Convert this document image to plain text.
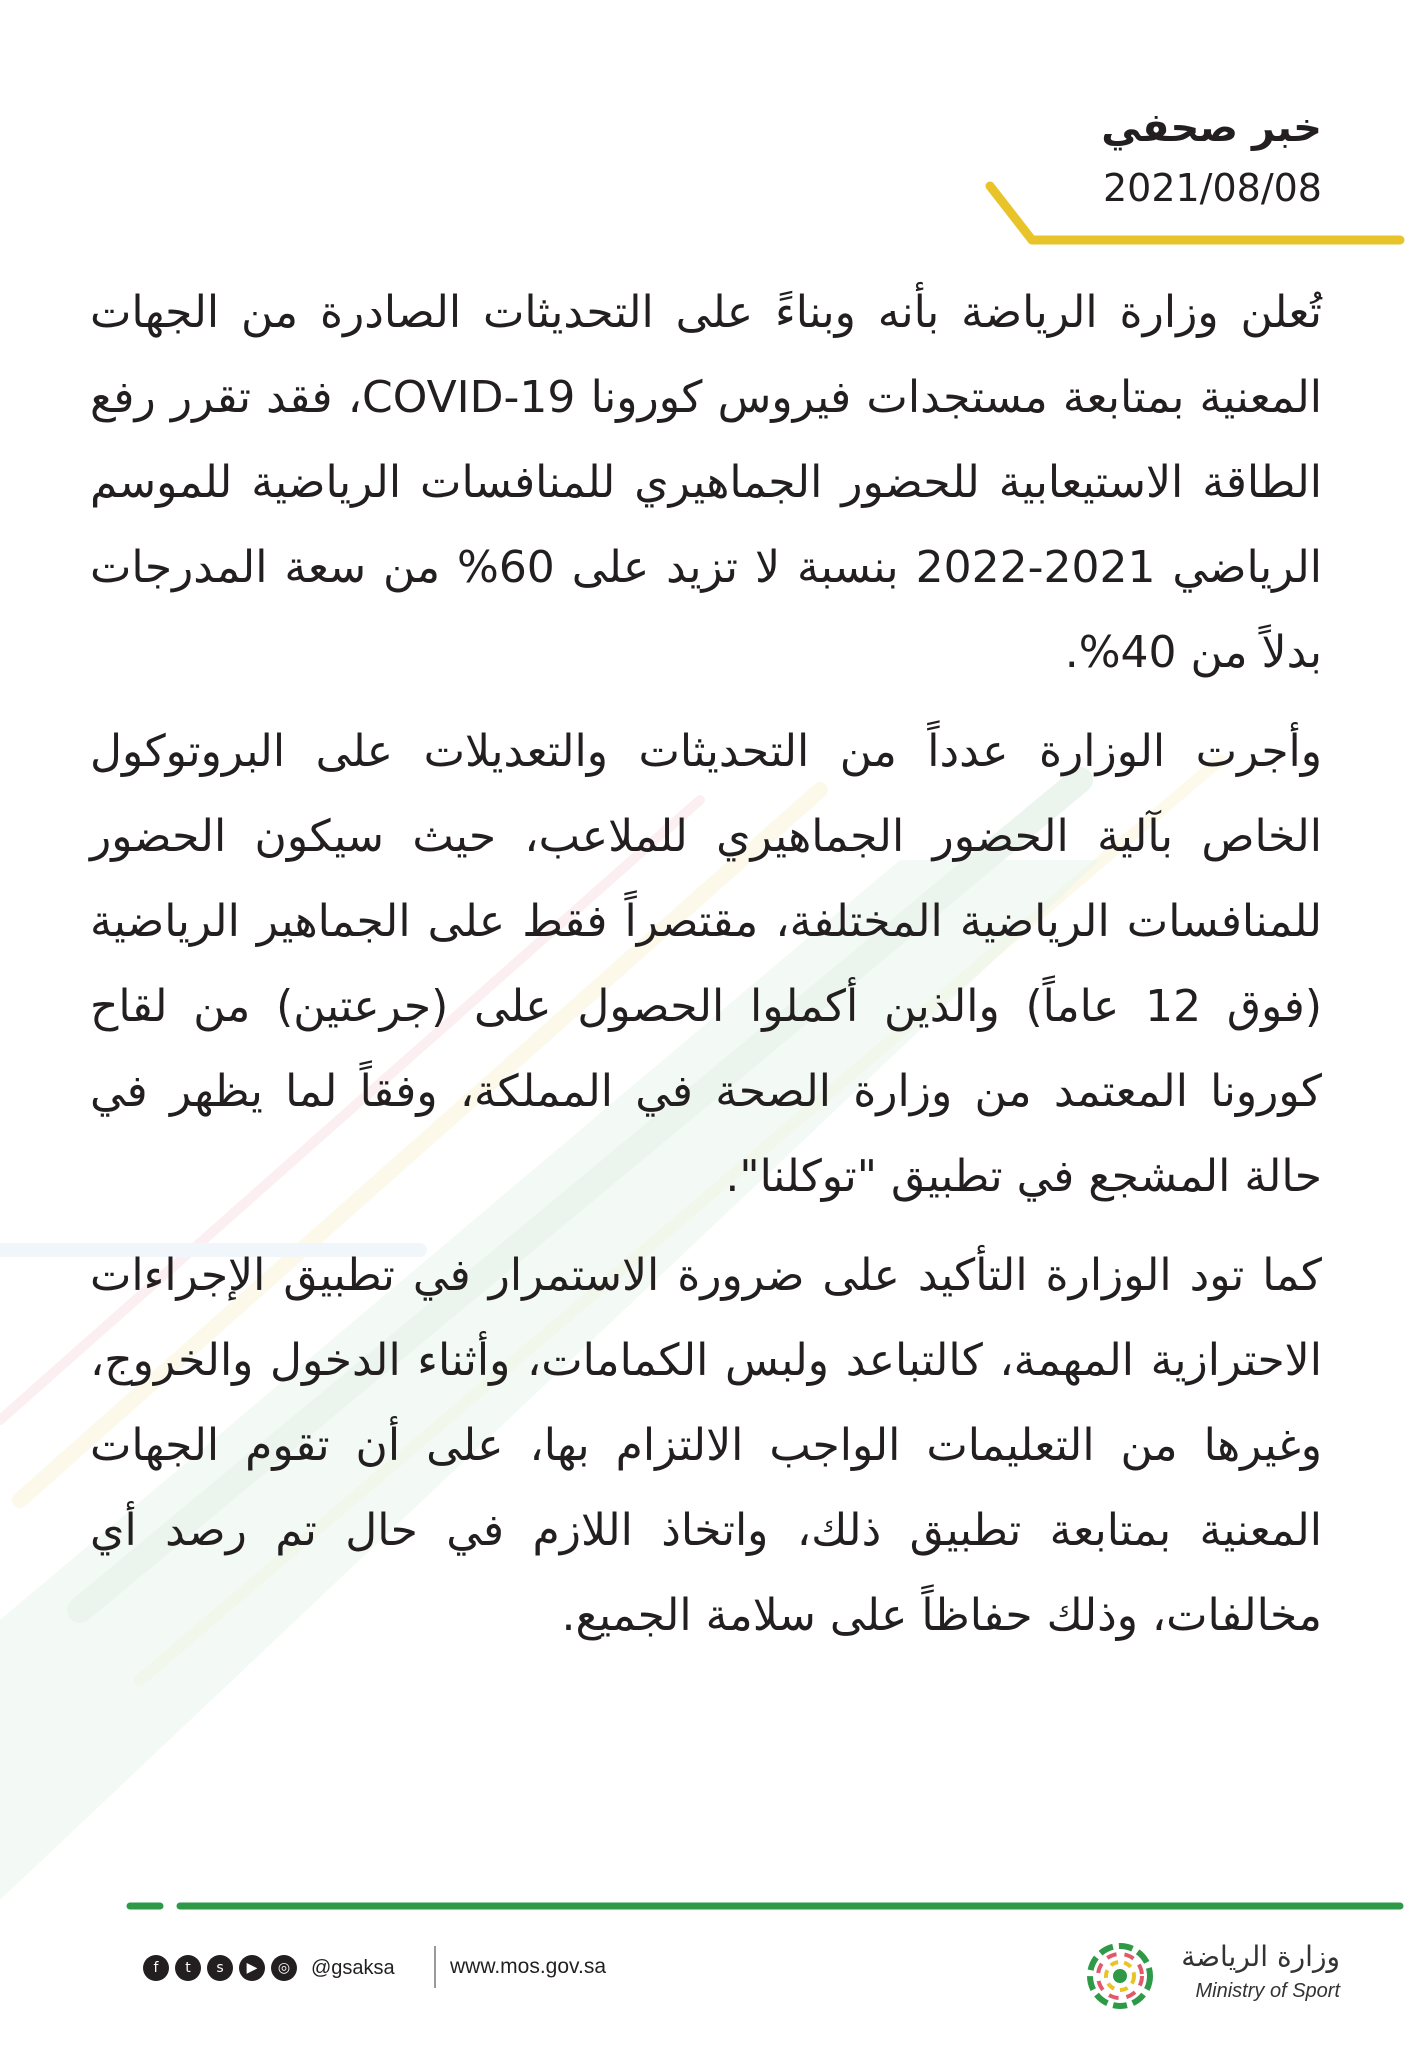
خبر صحفي
2021/08/08

تُعلن وزارة الرياضة بأنه وبناءً على التحديثات الصادرة من الجهات المعنية بمتابعة مستجدات فيروس كورونا COVID-19، فقد تقرر رفع الطاقة الاستيعابية للحضور الجماهيري للمنافسات الرياضية للموسم الرياضي 2021-2022 بنسبة لا تزيد على 60% من سعة المدرجات بدلاً من 40%.

وأجرت الوزارة عدداً من التحديثات والتعديلات على البروتوكول الخاص بآلية الحضور الجماهيري للملاعب، حيث سيكون الحضور للمنافسات الرياضية المختلفة، مقتصراً فقط على الجماهير الرياضية (فوق 12 عاماً) والذين أكملوا الحصول على (جرعتين) من لقاح كورونا المعتمد من وزارة الصحة في المملكة، وفقاً لما يظهر في حالة المشجع في تطبيق "توكلنا".

كما تود الوزارة التأكيد على ضرورة الاستمرار في تطبيق الإجراءات الاحترازية المهمة، كالتباعد ولبس الكمامات، وأثناء الدخول والخروج، وغيرها من التعليمات الواجب الالتزام بها، على أن تقوم الجهات المعنية بمتابعة تطبيق ذلك، واتخاذ اللازم في حال تم رصد أي مخالفات، وذلك حفاظاً على سلامة الجميع.

f	t	s	▶	◎	@gsaksa	www.mos.gov.sa	وزارة الرياضة
Ministry of Sport
